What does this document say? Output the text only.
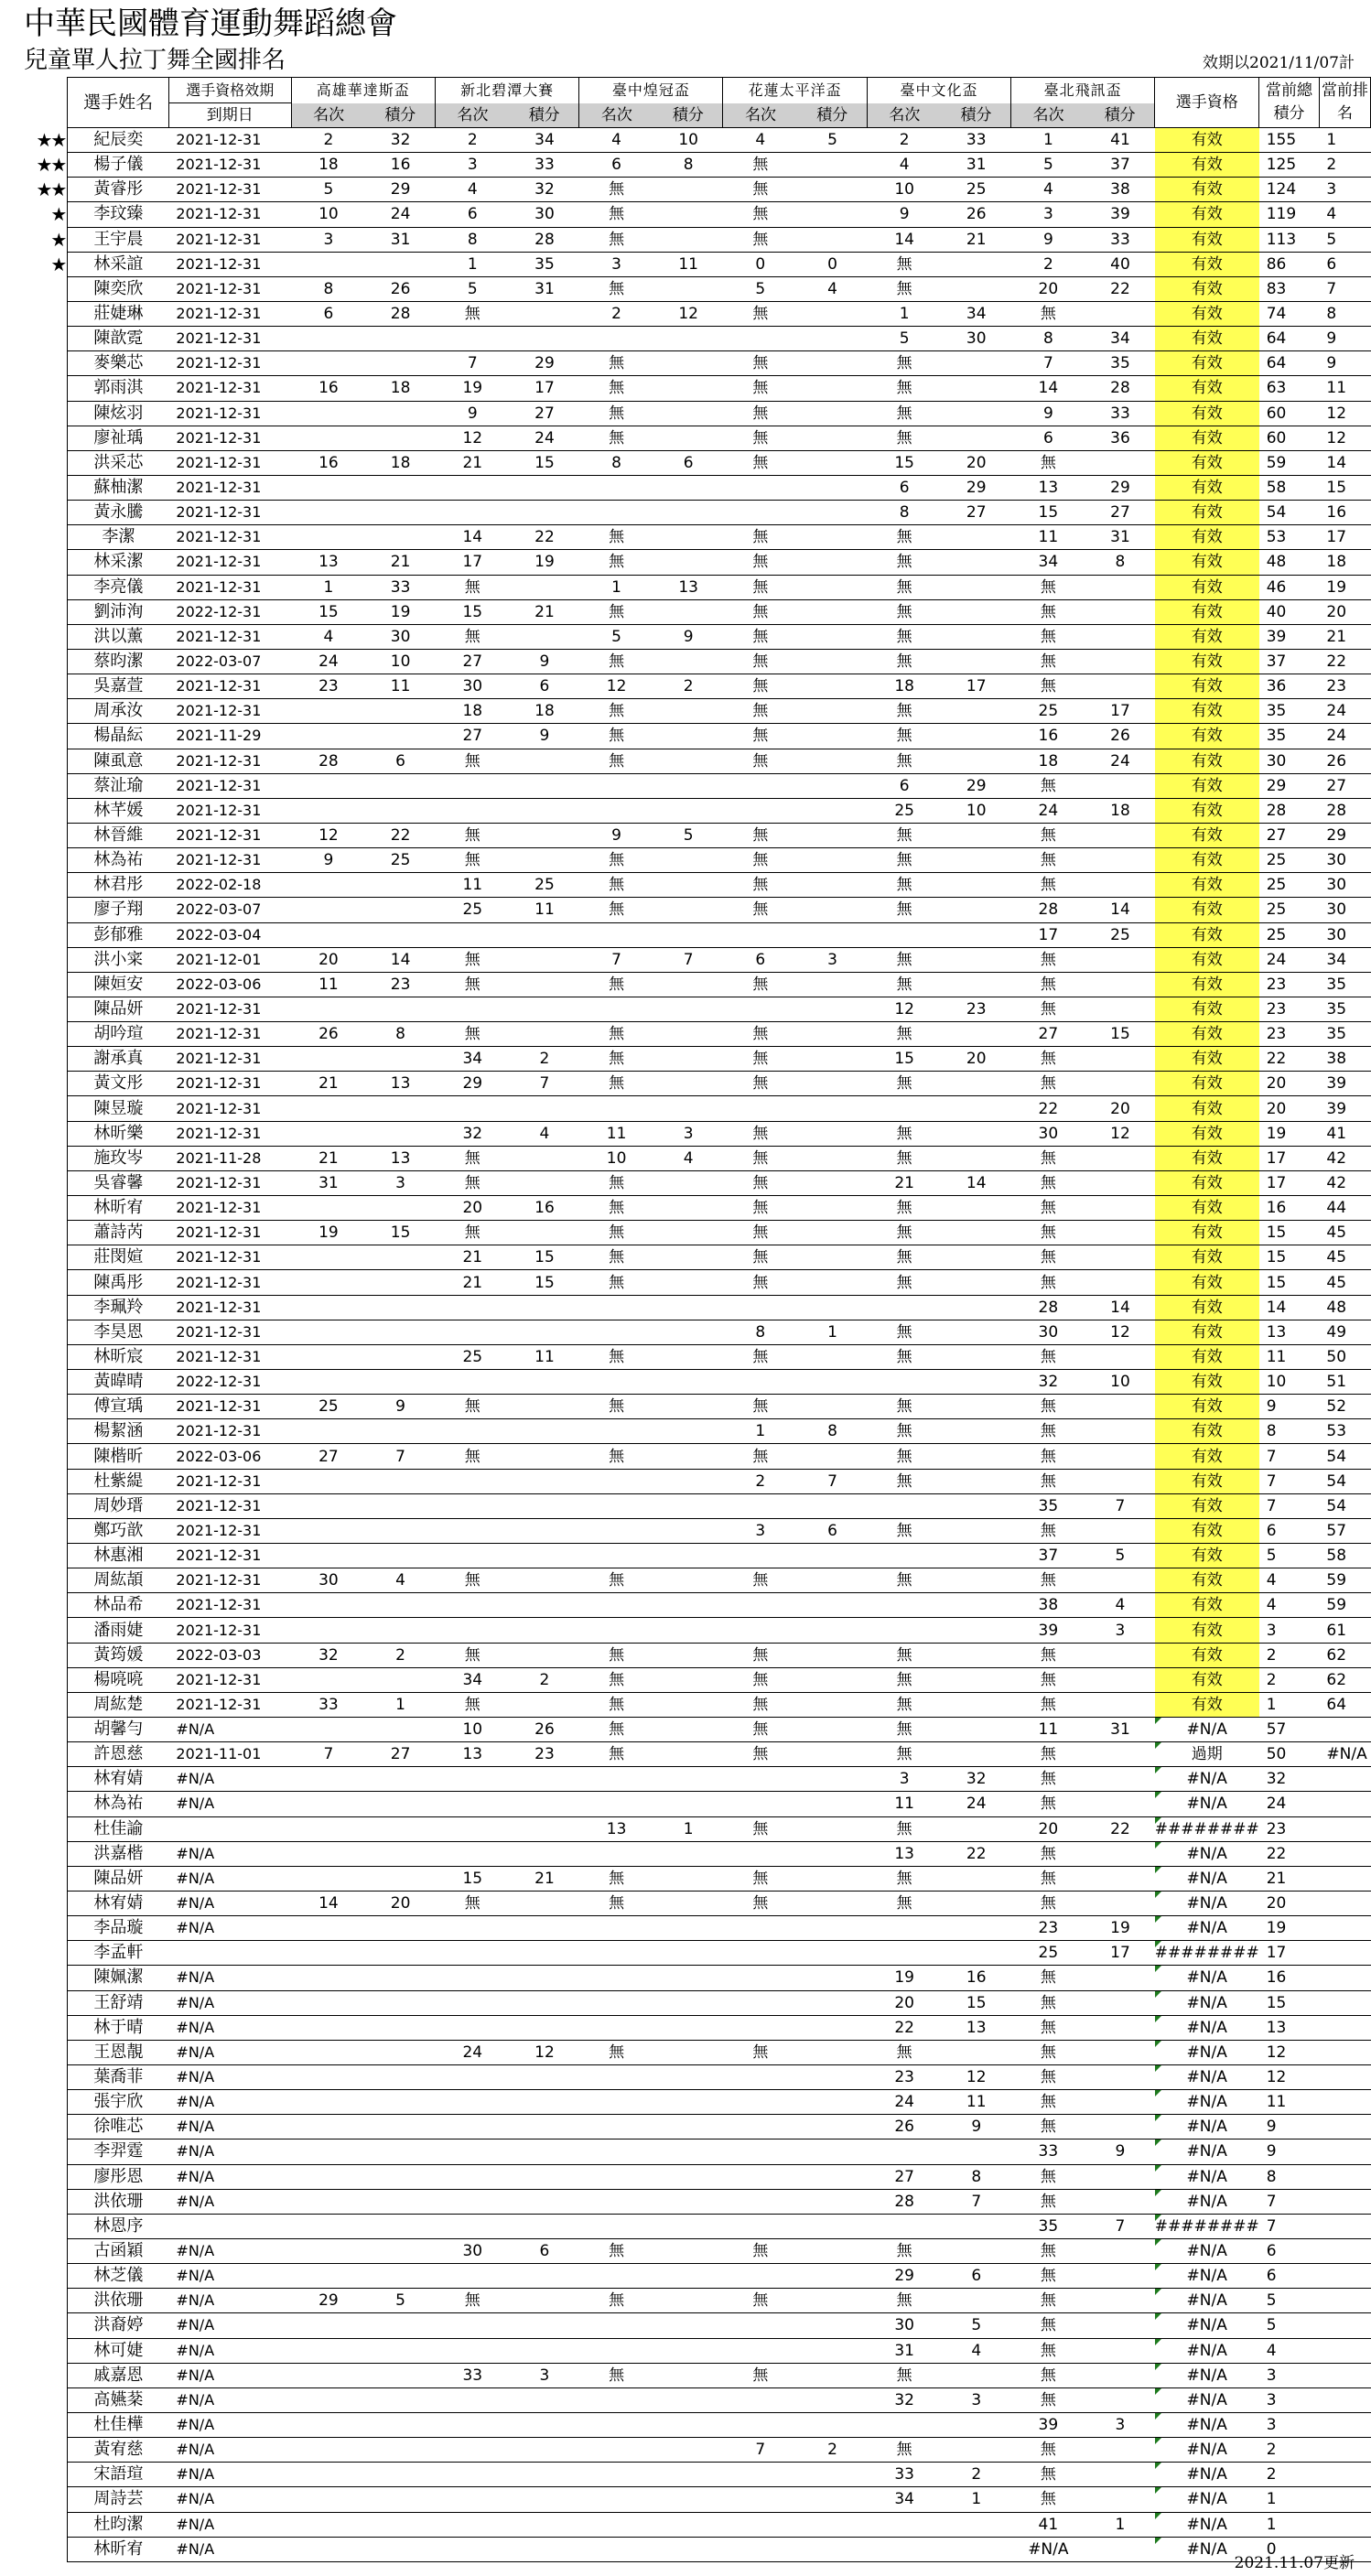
中華民國體育運動舞蹈總會
兒童單人拉丁舞全國排名	效期以2021/11/07計
	選手姓名	選手資格效期	高雄華達斯盃		新北碧潭大賽		臺中煌冠盃		花蓮太平洋盃		臺中文化盃		臺北飛訊盃		選手資格	當前總積分	當前排名
		到期日	名次	積分	名次	積分	名次	積分	名次	積分	名次	積分	名次	積分			
★★	紀辰奕	2021-12-31	2	32	2	34	4	10	4	5	2	33	1	41	有效	155	1
★★	楊子儀	2021-12-31	18	16	3	33	6	8	無		4	31	5	37	有效	125	2
★★	黃睿彤	2021-12-31	5	29	4	32	無		無		10	25	4	38	有效	124	3
★	李玟臻	2021-12-31	10	24	6	30	無		無		9	26	3	39	有效	119	4
★	王宇晨	2021-12-31	3	31	8	28	無		無		14	21	9	33	有效	113	5
★	林采誼	2021-12-31			1	35	3	11	0	0	無		2	40	有效	86	6
	陳奕欣	2021-12-31	8	26	5	31	無		5	4	無		20	22	有效	83	7
	莊婕琳	2021-12-31	6	28	無		2	12	無		1	34	無		有效	74	8
	陳歆霓	2021-12-31									5	30	8	34	有效	64	9
	麥樂芯	2021-12-31			7	29	無		無		無		7	35	有效	64	9
	郭雨淇	2021-12-31	16	18	19	17	無		無		無		14	28	有效	63	11
	陳炫羽	2021-12-31			9	27	無		無		無		9	33	有效	60	12
	廖祉瑀	2021-12-31			12	24	無		無		無		6	36	有效	60	12
	洪采芯	2021-12-31	16	18	21	15	8	6	無		15	20	無		有效	59	14
	蘇柚潔	2021-12-31									6	29	13	29	有效	58	15
	黃永騰	2021-12-31									8	27	15	27	有效	54	16
	李潔	2021-12-31			14	22	無		無		無		11	31	有效	53	17
	林采潔	2021-12-31	13	21	17	19	無		無		無		34	8	有效	48	18
	李亮儀	2021-12-31	1	33	無		1	13	無		無		無		有效	46	19
	劉沛洵	2022-12-31	15	19	15	21	無		無		無		無		有效	40	20
	洪以薰	2021-12-31	4	30	無		5	9	無		無		無		有效	39	21
	蔡昀潔	2022-03-07	24	10	27	9	無		無		無		無		有效	37	22
	吳嘉萱	2021-12-31	23	11	30	6	12	2	無		18	17	無		有效	36	23
	周承汝	2021-12-31			18	18	無		無		無		25	17	有效	35	24
	楊晶紜	2021-11-29			27	9	無		無		無		16	26	有效	35	24
	陳虱意	2021-12-31	28	6	無		無		無		無		18	24	有效	30	26
	蔡沚瑜	2021-12-31									6	29	無		有效	29	27
	林芊媛	2021-12-31									25	10	24	18	有效	28	28
	林晉維	2021-12-31	12	22	無		9	5	無		無		無		有效	27	29
	林為祐	2021-12-31	9	25	無		無		無		無		無		有效	25	30
	林君彤	2022-02-18			11	25	無		無		無		無		有效	25	30
	廖子翔	2022-03-07			25	11	無		無		無		28	14	有效	25	30
	彭郁雅	2022-03-04											17	25	有效	25	30
	洪小寀	2021-12-01	20	14	無		7	7	6	3	無		無		有效	24	34
	陳姮安	2022-03-06	11	23	無		無		無		無		無		有效	23	35
	陳品妍	2021-12-31									12	23	無		有效	23	35
	胡吟瑄	2021-12-31	26	8	無		無		無		無		27	15	有效	23	35
	謝承真	2021-12-31			34	2	無		無		15	20	無		有效	22	38
	黃文彤	2021-12-31	21	13	29	7	無		無		無		無		有效	20	39
	陳昱璇	2021-12-31											22	20	有效	20	39
	林昕樂	2021-12-31			32	4	11	3	無		無		30	12	有效	19	41
	施玫岑	2021-11-28	21	13	無		10	4	無		無		無		有效	17	42
	吳睿馨	2021-12-31	31	3	無		無		無		21	14	無		有效	17	42
	林昕宥	2021-12-31			20	16	無		無		無		無		有效	16	44
	蕭詩芮	2021-12-31	19	15	無		無		無		無		無		有效	15	45
	莊閔媗	2021-12-31			21	15	無		無		無		無		有效	15	45
	陳禹彤	2021-12-31			21	15	無		無		無		無		有效	15	45
	李珮羚	2021-12-31											28	14	有效	14	48
	李昊恩	2021-12-31							8	1	無		30	12	有效	13	49
	林昕宸	2021-12-31			25	11	無		無		無		無		有效	11	50
	黃暐晴	2022-12-31											32	10	有效	10	51
	傅宣瑀	2021-12-31	25	9	無		無		無		無		無		有效	9	52
	楊絜涵	2021-12-31							1	8	無		無		有效	8	53
	陳楷昕	2022-03-06	27	7	無		無		無		無		無		有效	7	54
	杜紫緹	2021-12-31							2	7	無		無		有效	7	54
	周妙瑨	2021-12-31											35	7	有效	7	54
	鄭巧歆	2021-12-31							3	6	無		無		有效	6	57
	林惠湘	2021-12-31											37	5	有效	5	58
	周紘頡	2021-12-31	30	4	無		無		無		無		無		有效	4	59
	林品希	2021-12-31											38	4	有效	4	59
	潘雨婕	2021-12-31											39	3	有效	3	61
	黃筠媛	2022-03-03	32	2	無		無		無		無		無		有效	2	62
	楊喨喨	2021-12-31			34	2	無		無		無		無		有效	2	62
	周紘楚	2021-12-31	33	1	無		無		無		無		無		有效	1	64
	胡馨勻	#N/A			10	26	無		無		無		11	31	#N/A	57	
	許恩慈	2021-11-01	7	27	13	23	無		無		無		無		過期	50	#N/A
	林宥婧	#N/A									3	32	無		#N/A	32	
	林為祐	#N/A									11	24	無		#N/A	24	
	杜佳諭						13	1	無		無		20	22	########	23	
	洪嘉楷	#N/A									13	22	無		#N/A	22	
	陳品妍	#N/A			15	21	無		無		無		無		#N/A	21	
	林宥婧	#N/A	14	20	無		無		無		無		無		#N/A	20	
	李品璇	#N/A											23	19	#N/A	19	
	李孟軒												25	17	########	17	
	陳姵潔	#N/A									19	16	無		#N/A	16	
	王舒靖	#N/A									20	15	無		#N/A	15	
	林于晴	#N/A									22	13	無		#N/A	13	
	王恩靚	#N/A			24	12	無		無		無		無		#N/A	12	
	葉喬菲	#N/A									23	12	無		#N/A	12	
	張宇欣	#N/A									24	11	無		#N/A	11	
	徐唯芯	#N/A									26	9	無		#N/A	9	
	李羿霆	#N/A											33	9	#N/A	9	
	廖彤恩	#N/A									27	8	無		#N/A	8	
	洪依珊	#N/A									28	7	無		#N/A	7	
	林恩序												35	7	########	7	
	古函穎	#N/A			30	6	無		無		無		無		#N/A	6	
	林芝儀	#N/A									29	6	無		#N/A	6	
	洪依珊	#N/A	29	5	無		無		無		無		無		#N/A	5	
	洪裔婷	#N/A									30	5	無		#N/A	5	
	林可婕	#N/A									31	4	無		#N/A	4	
	戚嘉恩	#N/A			33	3	無		無		無		無		#N/A	3	
	高嬿棻	#N/A									32	3	無		#N/A	3	
	杜佳樺	#N/A											39	3	#N/A	3	
	黃宥慈	#N/A							7	2	無		無		#N/A	2	
	宋語瑄	#N/A									33	2	無		#N/A	2	
	周詩芸	#N/A									34	1	無		#N/A	1	
	杜昀潔	#N/A											41	1	#N/A	1	
	林昕宥	#N/A											#N/A		#N/A	0	
2021.11.07更新
